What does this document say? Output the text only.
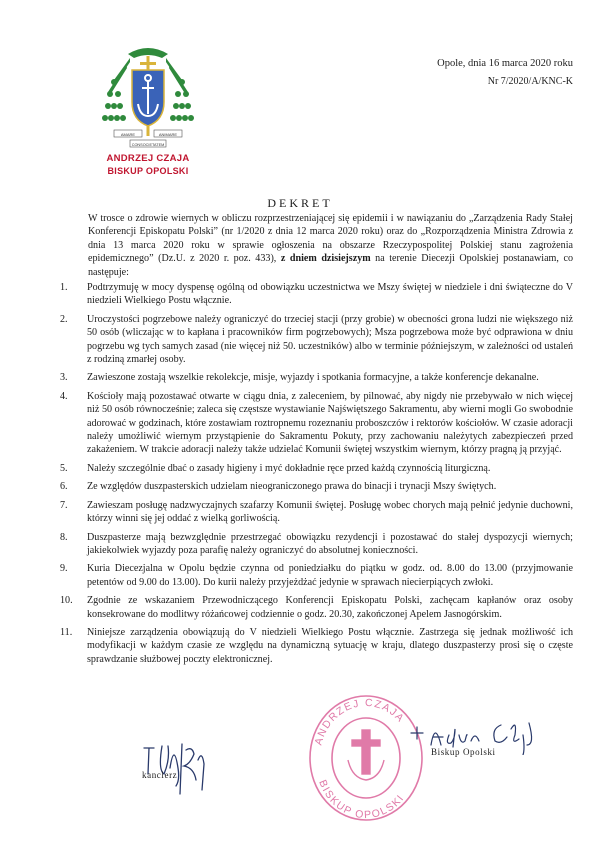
AMARE	ANIMARE
CONSOCIETATEM
ANDRZEJ CZAJA
BISKUP OPOLSKI
Opole, dnia 16 marca 2020 roku
Nr 7/2020/A/KNC-K
DEKRET
W trosce o zdrowie wiernych w obliczu rozprzestrzeniającej się epidemii i w nawiązaniu do „Zarządzenia Rady Stałej Konferencji Episkopatu Polski” (nr 1/2020 z dnia 12 marca 2020 roku) oraz do „Rozporządzenia Ministra Zdrowia z dnia 13 marca 2020 roku w sprawie ogłoszenia na obszarze Rzeczypospolitej Polskiej stanu zagrożenia epidemicznego” (Dz.U. z 2020 r. poz. 433), z dniem dzisiejszym na terenie Diecezji Opolskiej postanawiam, co następuje:
1.	Podtrzymuję w mocy dyspensę ogólną od obowiązku uczestnictwa we Mszy świętej w niedziele i dni świąteczne do V niedzieli Wielkiego Postu włącznie.
2.	Uroczystości pogrzebowe należy ograniczyć do trzeciej stacji (przy grobie) w obecności grona ludzi nie większego niż 50 osób (wliczając w to kapłana i pracowników firm pogrzebowych); Msza pogrzebowa może być odprawiona w dniu pogrzebu wg tych samych zasad (nie więcej niż 50. uczestników) albo w terminie późniejszym, w zależności od ustaleń z rodziną zmarłej osoby.
3.	Zawieszone zostają wszelkie rekolekcje, misje, wyjazdy i spotkania formacyjne, a także konferencje dekanalne.
4.	Kościoły mają pozostawać otwarte w ciągu dnia, z zaleceniem, by pilnować, aby nigdy nie przebywało w nich więcej niż 50 osób równocześnie; zaleca się częstsze wystawianie Najświętszego Sakramentu, aby wierni mogli Go swobodnie adorować w godzinach, które zostawiam roztropnemu rozeznaniu proboszczów i rektorów kościołów. W czasie adoracji należy umożliwić wiernym przystąpienie do Sakramentu Pokuty, przy zachowaniu należytych zabezpieczeń przed zakażeniem. W trakcie adoracji należy także udzielać Komunii świętej wszystkim wiernym, którzy pragną ją przyjąć.
5.	Należy szczególnie dbać o zasady higieny i myć dokładnie ręce przed każdą czynnością liturgiczną.
6.	Ze względów duszpasterskich udzielam nieograniczonego prawa do binacji i trynacji Mszy świętych.
7.	Zawieszam posługę nadzwyczajnych szafarzy Komunii świętej. Posługę wobec chorych mają pełnić jedynie duchowni, którzy winni się jej oddać z wielką gorliwością.
8.	Duszpasterze mają bezwzględnie przestrzegać obowiązku rezydencji i pozostawać do stałej dyspozycji wiernych; jakiekolwiek wyjazdy poza parafię należy ograniczyć do absolutnej konieczności.
9.	Kuria Diecezjalna w Opolu będzie czynna od poniedziałku do piątku w godz. od. 8.00 do 13.00 (przyjmowanie petentów od 9.00 do 13.00). Do kurii należy przyjeżdżać jedynie w sprawach niecierpiących zwłoki.
10.	Zgodnie ze wskazaniem Przewodniczącego Konferencji Episkopatu Polski, zachęcam kapłanów oraz osoby konsekrowane do modlitwy różańcowej codziennie o godz. 20.30, zakończonej Apelem Jasnogórskim.
11.	Niniejsze zarządzenia obowiązują do V niedzieli Wielkiego Postu włącznie. Zastrzega się jednak możliwość ich modyfikacji w każdym czasie ze względu na dynamiczną sytuację w kraju, dlatego duszpasterzy prosi się o częste sprawdzanie służbowej poczty elektronicznej.
kanclerz
ANDRZEJ CZAJA
BISKUP OPOLSKI
Biskup Opolski
